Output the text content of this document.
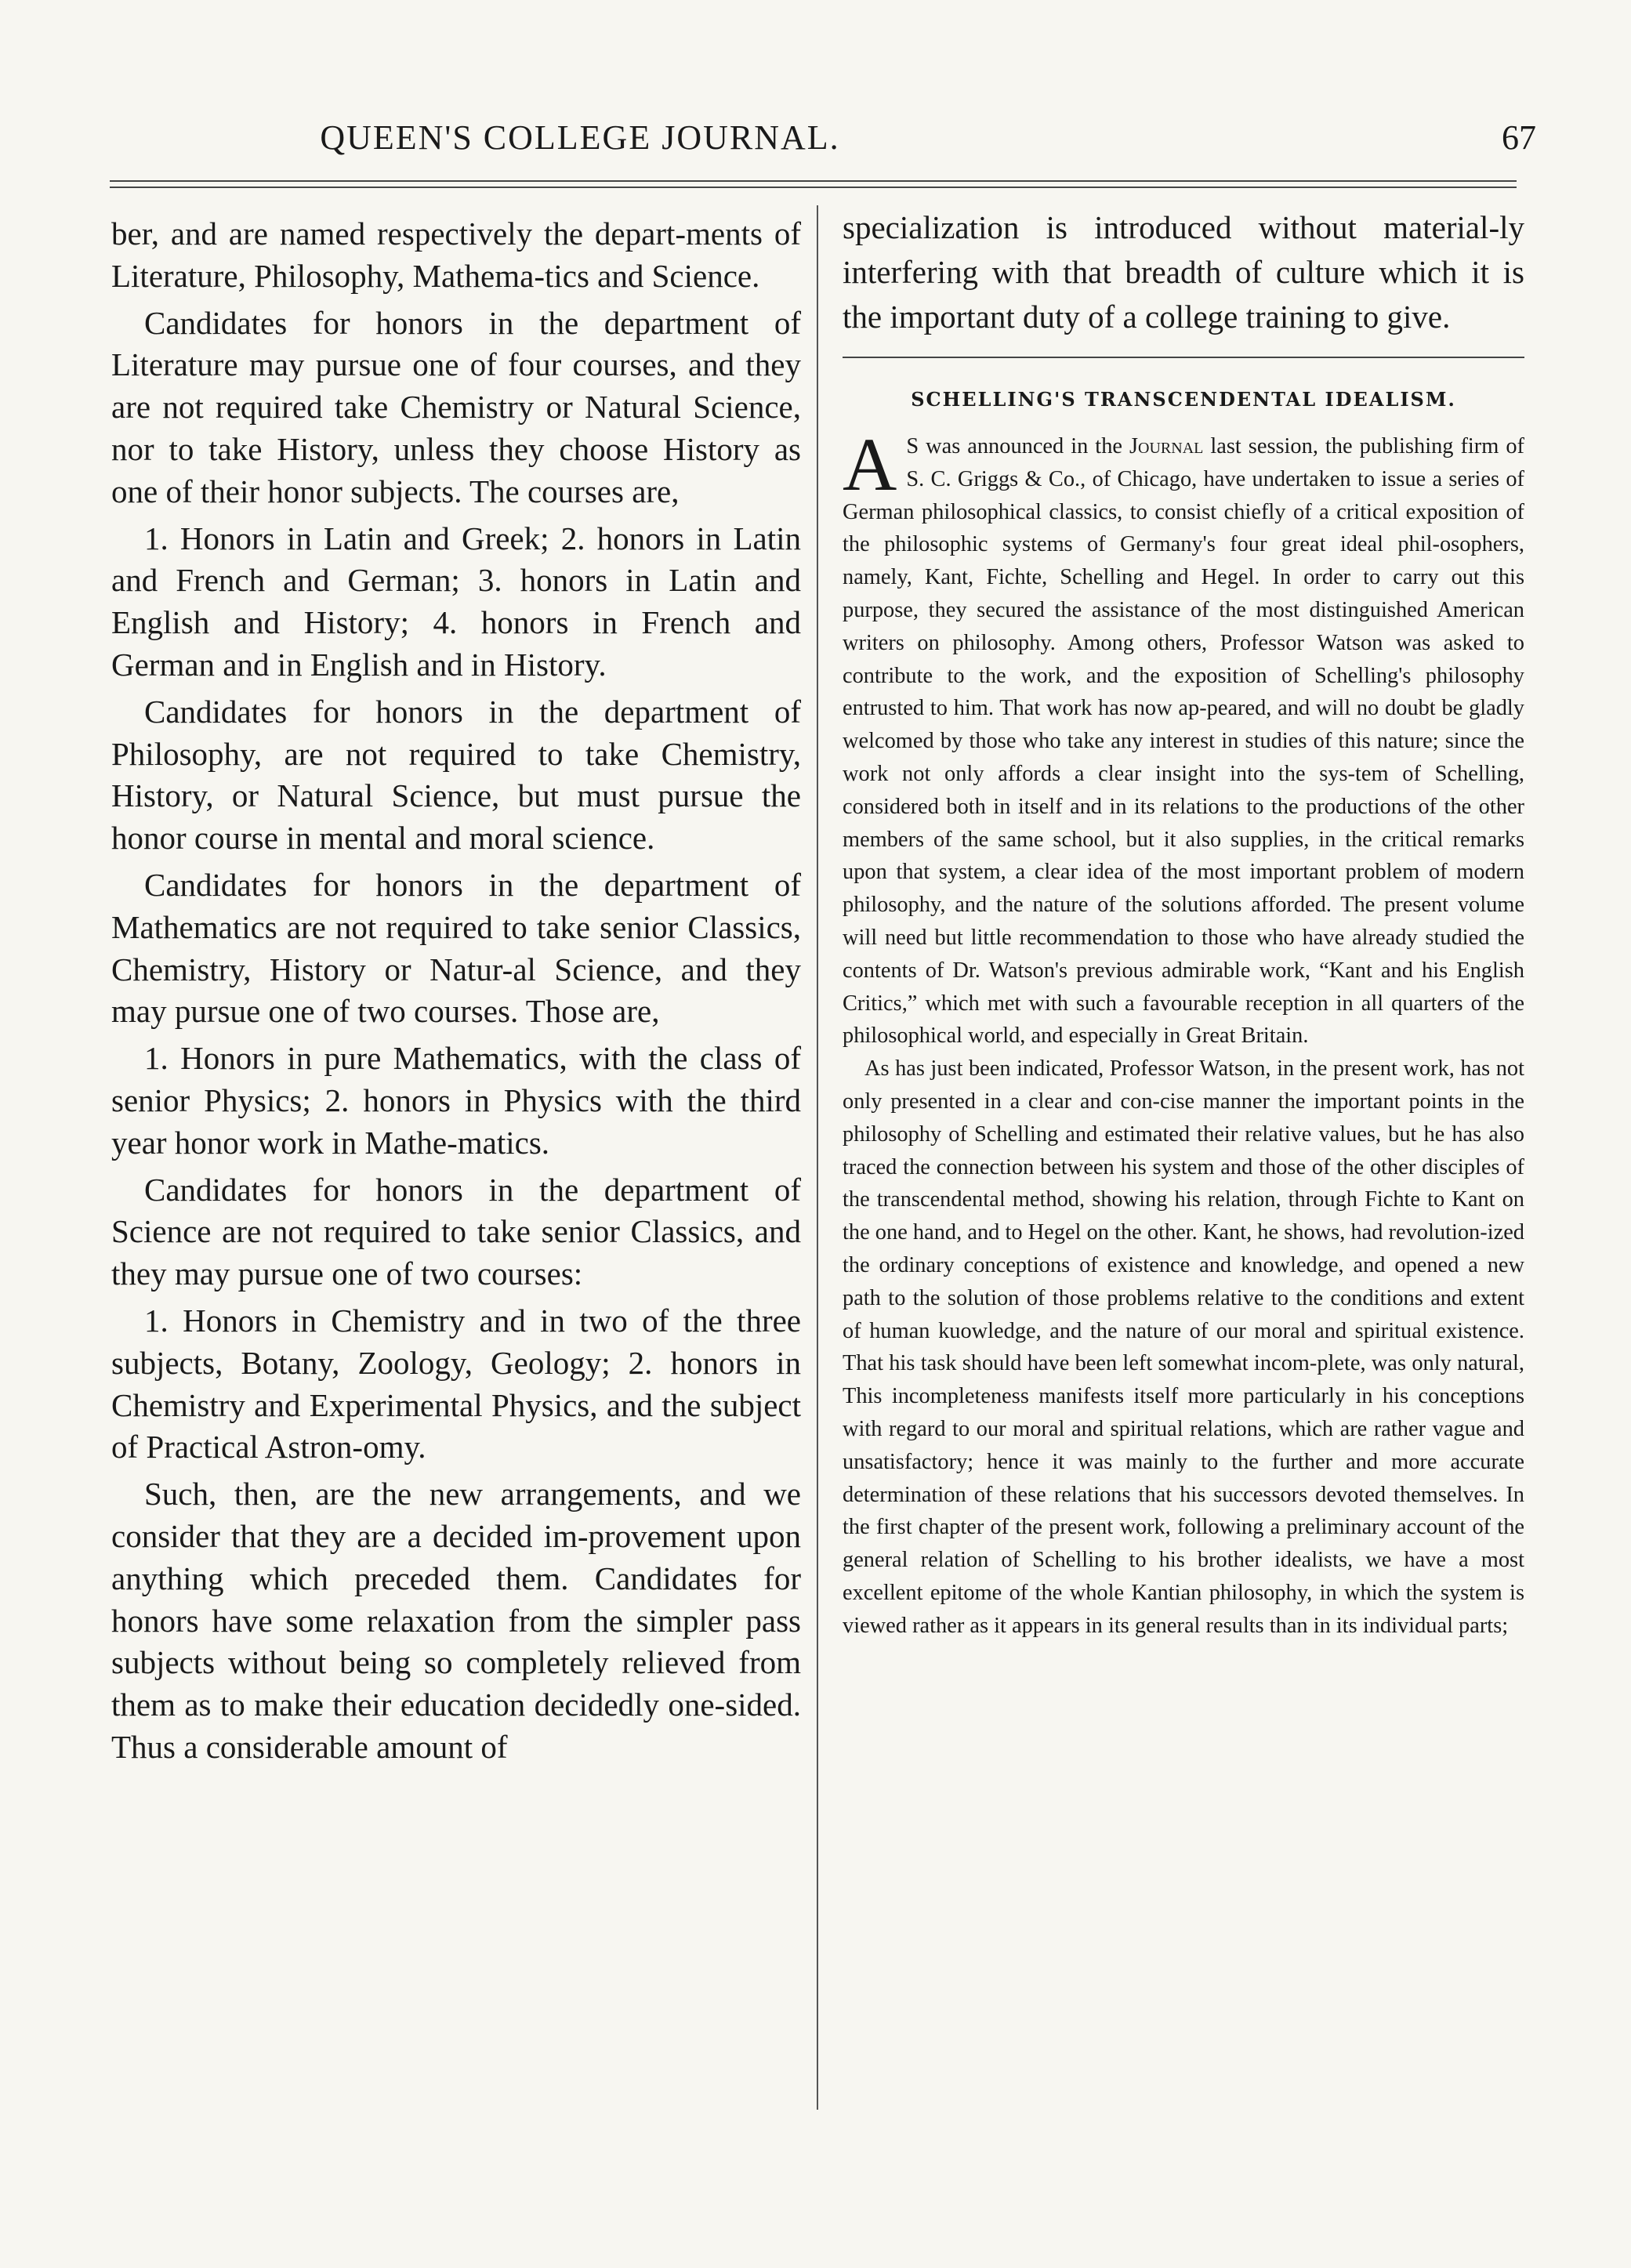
QUEEN'S COLLEGE JOURNAL.	67

ber, and are named respectively the depart-ments of Literature, Philosophy, Mathema-tics and Science.

Candidates for honors in the department of Literature may pursue one of four courses, and they are not required take Chemistry or Natural Science, nor to take History, unless they choose History as one of their honor subjects. The courses are,

1. Honors in Latin and Greek; 2. honors in Latin and French and German; 3. honors in Latin and English and History; 4. honors in French and German and in English and in History.

Candidates for honors in the department of Philosophy, are not required to take Chemistry, History, or Natural Science, but must pursue the honor course in mental and moral science.

Candidates for honors in the department of Mathematics are not required to take senior Classics, Chemistry, History or Natur-al Science, and they may pursue one of two courses. Those are,

1. Honors in pure Mathematics, with the class of senior Physics; 2. honors in Physics with the third year honor work in Mathe-matics.

Candidates for honors in the department of Science are not required to take senior Classics, and they may pursue one of two courses:

1. Honors in Chemistry and in two of the three subjects, Botany, Zoology, Geology; 2. honors in Chemistry and Experimental Physics, and the subject of Practical Astron-omy.

Such, then, are the new arrangements, and we consider that they are a decided im-provement upon anything which preceded them. Candidates for honors have some relaxation from the simpler pass subjects without being so completely relieved from them as to make their education decidedly one-sided. Thus a considerable amount of

specialization is introduced without material-ly interfering with that breadth of culture which it is the important duty of a college training to give.

SCHELLING'S TRANSCENDENTAL IDEALISM.

A S was announced in the Journal last session, the publishing firm of S. C. Griggs & Co., of Chicago, have undertaken to issue a series of German philosophical classics, to consist chiefly of a critical exposition of the philosophic systems of Germany's four great ideal phil-osophers, namely, Kant, Fichte, Schelling and Hegel. In order to carry out this purpose, they secured the assistance of the most distinguished American writers on philosophy. Among others, Professor Watson was asked to contribute to the work, and the exposition of Schelling's philosophy entrusted to him. That work has now ap-peared, and will no doubt be gladly welcomed by those who take any interest in studies of this nature; since the work not only affords a clear insight into the sys-tem of Schelling, considered both in itself and in its relations to the productions of the other members of the same school, but it also supplies, in the critical remarks upon that system, a clear idea of the most important problem of modern philosophy, and the nature of the solutions afforded. The present volume will need but little recommendation to those who have already studied the contents of Dr. Watson's previous admirable work, “Kant and his English Critics,” which met with such a favourable reception in all quarters of the philosophical world, and especially in Great Britain.

As has just been indicated, Professor Watson, in the present work, has not only presented in a clear and con-cise manner the important points in the philosophy of Schelling and estimated their relative values, but he has also traced the connection between his system and those of the other disciples of the transcendental method, showing his relation, through Fichte to Kant on the one hand, and to Hegel on the other. Kant, he shows, had revolution-ized the ordinary conceptions of existence and knowledge, and opened a new path to the solution of those problems relative to the conditions and extent of human kuowledge, and the nature of our moral and spiritual existence. That his task should have been left somewhat incom-plete, was only natural, This incompleteness manifests itself more particularly in his conceptions with regard to our moral and spiritual relations, which are rather vague and unsatisfactory; hence it was mainly to the further and more accurate determination of these relations that his successors devoted themselves. In the first chapter of the present work, following a preliminary account of the general relation of Schelling to his brother idealists, we have a most excellent epitome of the whole Kantian philosophy, in which the system is viewed rather as it appears in its general results than in its individual parts;
